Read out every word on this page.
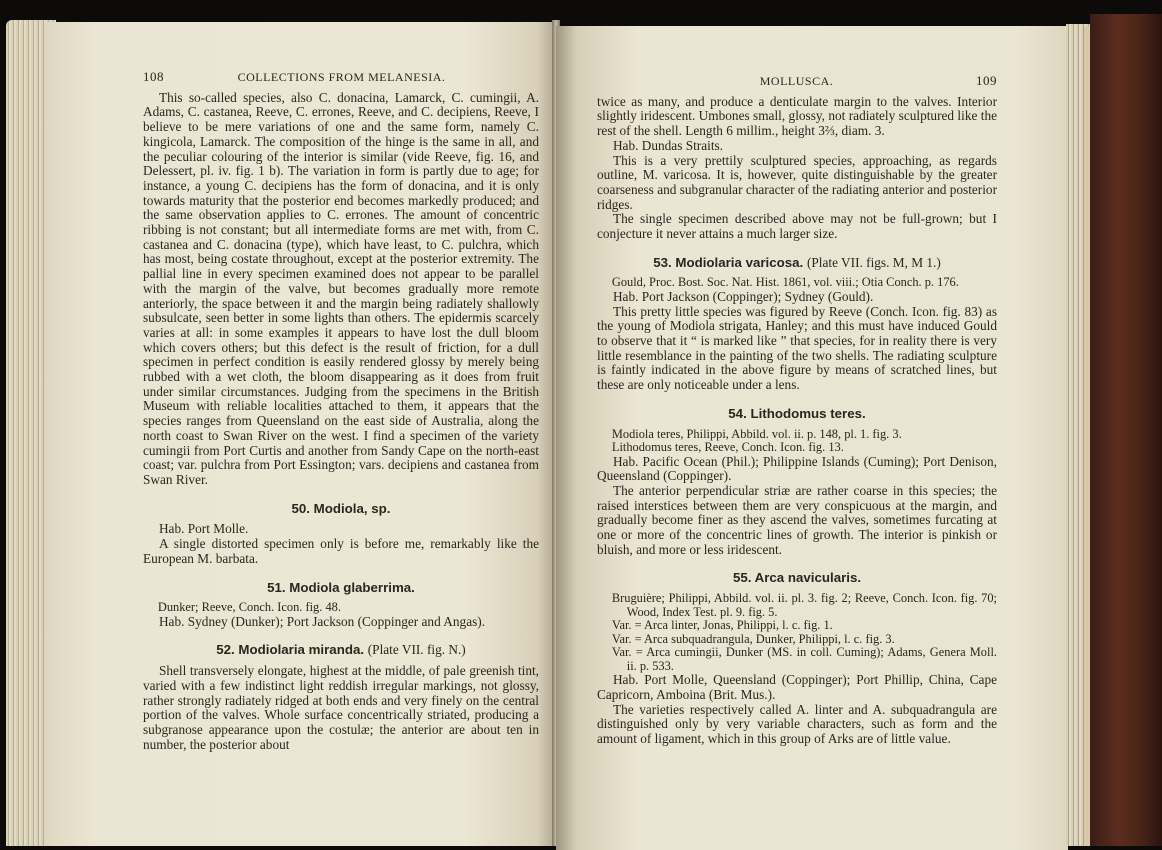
108	COLLECTIONS FROM MELANESIA.

This so-called species, also C. donacina, Lamarck, C. cumingii, A. Adams, C. castanea, Reeve, C. errones, Reeve, and C. decipiens, Reeve, I believe to be mere variations of one and the same form, namely C. kingicola, Lamarck. The composition of the hinge is the same in all, and the peculiar colouring of the interior is similar (vide Reeve, fig. 16, and Delessert, pl. iv. fig. 1 b). The variation in form is partly due to age; for instance, a young C. decipiens has the form of donacina, and it is only towards maturity that the posterior end becomes markedly produced; and the same observation applies to C. errones. The amount of concentric ribbing is not constant; but all intermediate forms are met with, from C. castanea and C. donacina (type), which have least, to C. pulchra, which has most, being costate throughout, except at the posterior extremity. The pallial line in every specimen examined does not appear to be parallel with the margin of the valve, but becomes gradually more remote anteriorly, the space between it and the margin being radiately shallowly subsulcate, seen better in some lights than others. The epidermis scarcely varies at all: in some examples it appears to have lost the dull bloom which covers others; but this defect is the result of friction, for a dull specimen in perfect condition is easily rendered glossy by merely being rubbed with a wet cloth, the bloom disappearing as it does from fruit under similar circumstances. Judging from the specimens in the British Museum with reliable localities attached to them, it appears that the species ranges from Queensland on the east side of Australia, along the north coast to Swan River on the west. I find a specimen of the variety cumingii from Port Curtis and another from Sandy Cape on the north-east coast; var. pulchra from Port Essington; vars. decipiens and castanea from Swan River.

50. Modiola, sp.

Hab. Port Molle.

A single distorted specimen only is before me, remarkably like the European M. barbata.

51. Modiola glaberrima.

Dunker; Reeve, Conch. Icon. fig. 48.

Hab. Sydney (Dunker); Port Jackson (Coppinger and Angas).

52. Modiolaria miranda. (Plate VII. fig. N.)

Shell transversely elongate, highest at the middle, of pale greenish tint, varied with a few indistinct light reddish irregular markings, not glossy, rather strongly radiately ridged at both ends and very finely on the central portion of the valves. Whole surface concentrically striated, producing a subgranose appearance upon the costulæ; the anterior are about ten in number, the posterior about

MOLLUSCA.	109

twice as many, and produce a denticulate margin to the valves. Interior slightly iridescent. Umbones small, glossy, not radiately sculptured like the rest of the shell. Length 6 millim., height 3⅔, diam. 3.

Hab. Dundas Straits.

This is a very prettily sculptured species, approaching, as regards outline, M. varicosa. It is, however, quite distinguishable by the greater coarseness and subgranular character of the radiating anterior and posterior ridges.

The single specimen described above may not be full-grown; but I conjecture it never attains a much larger size.

53. Modiolaria varicosa. (Plate VII. figs. M, M 1.)

Gould, Proc. Bost. Soc. Nat. Hist. 1861, vol. viii.; Otia Conch. p. 176.

Hab. Port Jackson (Coppinger); Sydney (Gould).

This pretty little species was figured by Reeve (Conch. Icon. fig. 83) as the young of Modiola strigata, Hanley; and this must have induced Gould to observe that it “ is marked like ” that species, for in reality there is very little resemblance in the painting of the two shells. The radiating sculpture is faintly indicated in the above figure by means of scratched lines, but these are only noticeable under a lens.

54. Lithodomus teres.

Modiola teres, Philippi, Abbild. vol. ii. p. 148, pl. 1. fig. 3.

Lithodomus teres, Reeve, Conch. Icon. fig. 13.

Hab. Pacific Ocean (Phil.); Philippine Islands (Cuming); Port Denison, Queensland (Coppinger).

The anterior perpendicular striæ are rather coarse in this species; the raised interstices between them are very conspicuous at the margin, and gradually become finer as they ascend the valves, sometimes furcating at one or more of the concentric lines of growth. The interior is pinkish or bluish, and more or less iridescent.

55. Arca navicularis.

Bruguière; Philippi, Abbild. vol. ii. pl. 3. fig. 2; Reeve, Conch. Icon. fig. 70; Wood, Index Test. pl. 9. fig. 5.

Var. = Arca linter, Jonas, Philippi, l. c. fig. 1.

Var. = Arca subquadrangula, Dunker, Philippi, l. c. fig. 3.

Var. = Arca cumingii, Dunker (MS. in coll. Cuming); Adams, Genera Moll. ii. p. 533.

Hab. Port Molle, Queensland (Coppinger); Port Phillip, China, Cape Capricorn, Amboina (Brit. Mus.).

The varieties respectively called A. linter and A. subquadrangula are distinguished only by very variable characters, such as form and the amount of ligament, which in this group of Arks are of little value.
